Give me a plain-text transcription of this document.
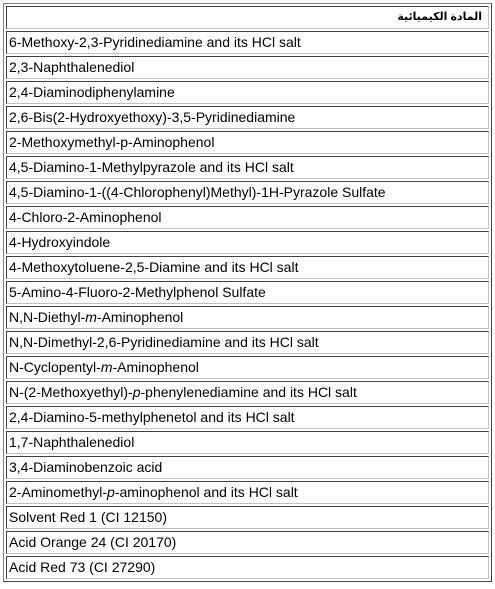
المادة الكيميائية
6-Methoxy-2,3-Pyridinediamine and its HCl salt
2,3-Naphthalenediol
2,4-Diaminodiphenylamine
2,6-Bis(2-Hydroxyethoxy)-3,5-Pyridinediamine
2-Methoxymethyl-p-Aminophenol
4,5-Diamino-1-Methylpyrazole and its HCl salt
4,5-Diamino-1-((4-Chlorophenyl)Methyl)-1H-Pyrazole Sulfate
4-Chloro-2-Aminophenol
4-Hydroxyindole
4-Methoxytoluene-2,5-Diamine and its HCl salt
5-Amino-4-Fluoro-2-Methylphenol Sulfate
N,N-Diethyl-m-Aminophenol
N,N-Dimethyl-2,6-Pyridinediamine and its HCl salt
N-Cyclopentyl-m-Aminophenol
N-(2-Methoxyethyl)-p-phenylenediamine and its HCl salt
2,4-Diamino-5-methylphenetol and its HCl salt
1,7-Naphthalenediol
3,4-Diaminobenzoic acid
2-Aminomethyl-p-aminophenol and its HCl salt
Solvent Red 1 (CI 12150)
Acid Orange 24 (CI 20170)
Acid Red 73 (CI 27290)
